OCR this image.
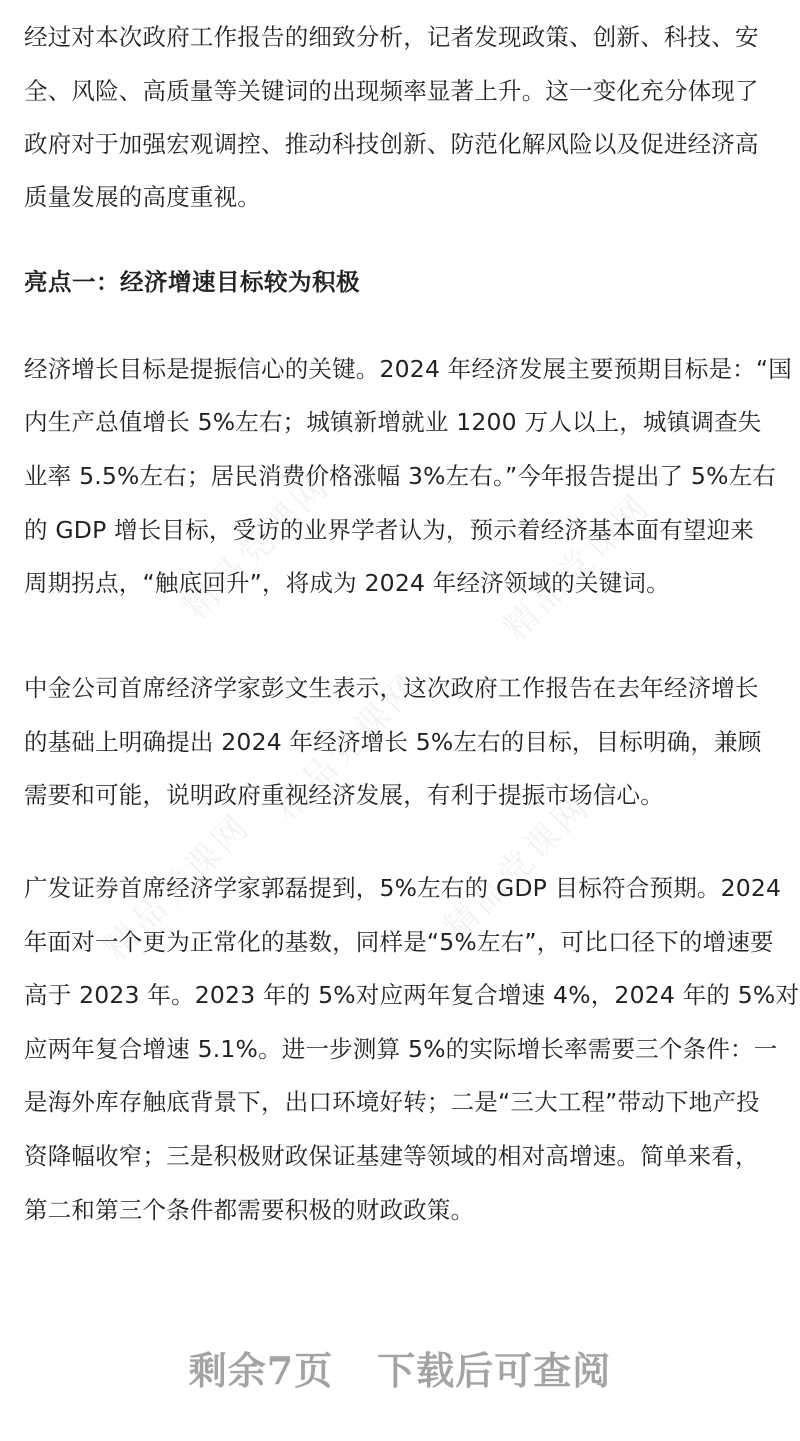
精品党课网
精品党课网
精品党课网
精品党课网
精品党课网
经过对本次政府工作报告的细致分析，记者发现政策、创新、科技、安
全、风险、高质量等关键词的出现频率显著上升。这一变化充分体现了
政府对于加强宏观调控、推动科技创新、防范化解风险以及促进经济高
质量发展的高度重视。
亮点一：经济增速目标较为积极
经济增长目标是提振信心的关键。2024 年经济发展主要预期目标是：“国
内生产总值增长 5%左右；城镇新增就业 1200 万人以上，城镇调查失
业率 5.5%左右；居民消费价格涨幅 3%左右。”今年报告提出了 5%左右
的 GDP 增长目标，受访的业界学者认为，预示着经济基本面有望迎来
周期拐点，“触底回升”，将成为 2024 年经济领域的关键词。
中金公司首席经济学家彭文生表示，这次政府工作报告在去年经济增长
的基础上明确提出 2024 年经济增长 5%左右的目标，目标明确，兼顾
需要和可能，说明政府重视经济发展，有利于提振市场信心。
广发证券首席经济学家郭磊提到，5%左右的 GDP 目标符合预期。2024
年面对一个更为正常化的基数，同样是“5%左右”，可比口径下的增速要
高于 2023 年。2023 年的 5%对应两年复合增速 4%，2024 年的 5%对
应两年复合增速 5.1%。进一步测算 5%的实际增长率需要三个条件：一
是海外库存触底背景下，出口环境好转；二是“三大工程”带动下地产投
资降幅收窄；三是积极财政保证基建等领域的相对高增速。简单来看，
第二和第三个条件都需要积极的财政政策。
剩余7页 下载后可查阅
